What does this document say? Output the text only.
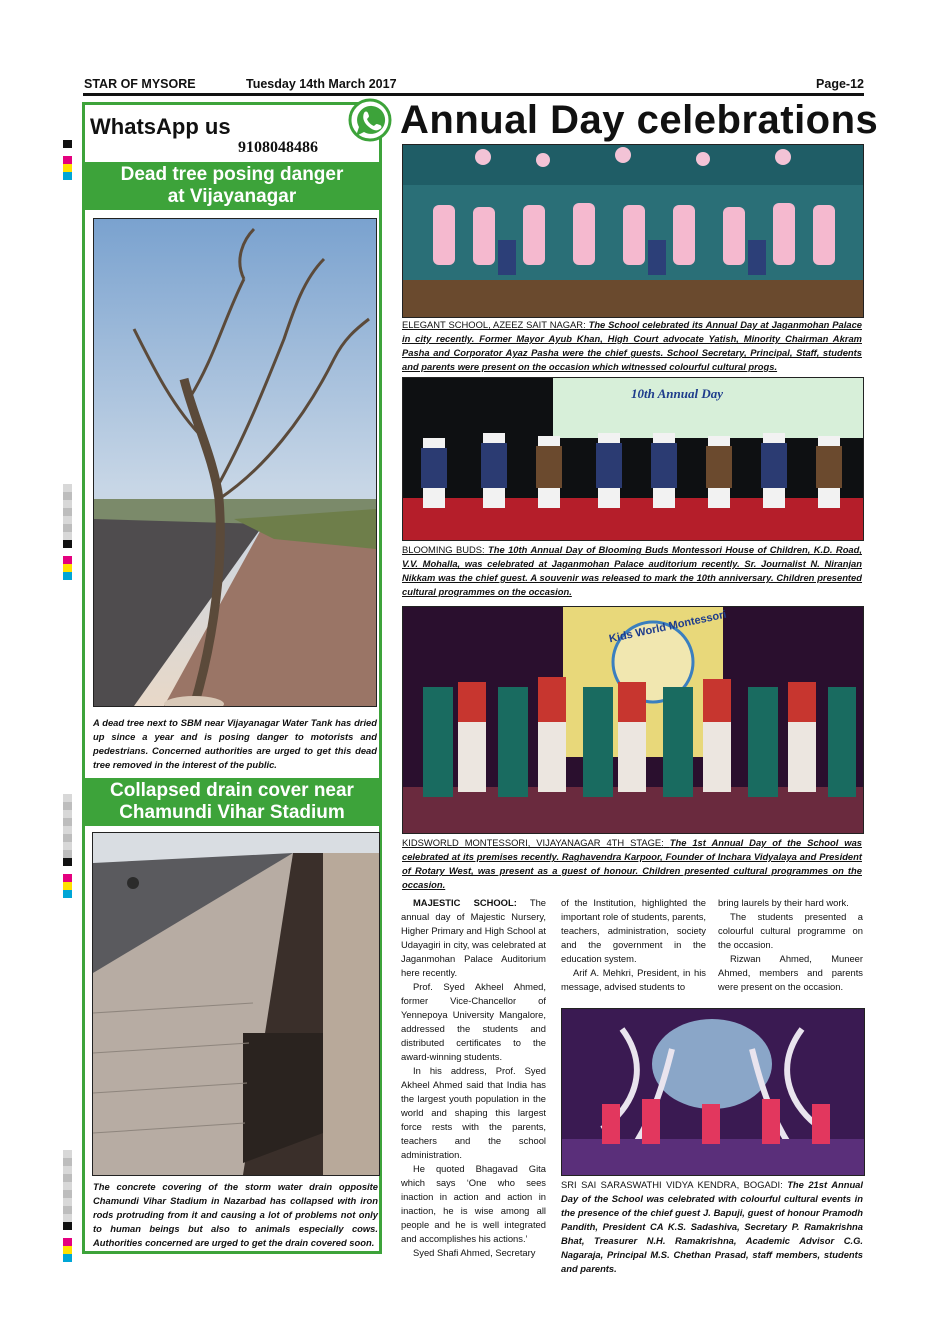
STAR OF MYSORE	Tuesday 14th March 2017	Page-12
Annual Day celebrations
WhatsApp us
9108048486
Dead tree posing danger
at Vijayanagar
A dead tree next to SBM near Vijayanagar Water Tank has dried up since a year and is posing danger to motorists and pedestrians. Concerned authorities are urged to get this dead tree removed in the interest of the public.
Collapsed drain cover near
Chamundi Vihar Stadium
The concrete covering of the storm water drain opposite Chamundi Vihar Stadium in Nazarbad has collapsed with iron rods protruding from it and causing a lot of problems not only to human beings but also to animals especially cows. Authorities concerned are urged to get the drain covered soon.
ELEGANT SCHOOL, AZEEZ SAIT NAGAR: The School celebrated its Annual Day at Jaganmohan Palace in city recently. Former Mayor Ayub Khan, High Court advocate Yatish, Minority Chairman Akram Pasha and Corporator Ayaz Pasha were the chief guests. School Secretary, Principal, Staff, students and parents were present on the occasion which witnessed colourful cultural progs.
10th Annual Day
BLOOMING BUDS: The 10th Annual Day of Blooming Buds Montessori House of Children, K.D. Road, V.V. Mohalla, was celebrated at Jaganmohan Palace auditorium recently. Sr. Journalist N. Niranjan Nikkam was the chief guest. A souvenir was released to mark the 10th anniversary. Children presented cultural programmes on the occasion.
Kids World Montessori
KIDSWORLD MONTESSORI, VIJAYANAGAR 4TH STAGE: The 1st Annual Day of the School was celebrated at its premises recently. Raghavendra Karpoor, Founder of Inchara Vidyalaya and President of Rotary West, was present as a guest of honour. Children presented cultural programmes on the occasion.

MAJESTIC SCHOOL: The annual day of Majestic Nursery, Higher Primary and High School at Udayagiri in city, was celebrated at Jaganmohan Palace Auditorium here recently.

Prof. Syed Akheel Ahmed, former Vice-Chancellor of Yennepoya University Mangalore, addressed the students and distributed certificates to the award-winning students.

In his address, Prof. Syed Akheel Ahmed said that India has the largest youth population in the world and shaping this largest force rests with the parents, teachers and the school administration.

He quoted Bhagavad Gita which says ‘One who sees inaction in action and action in inaction, he is wise among all people and he is well integrated and accomplishes his actions.’

Syed Shafi Ahmed, Secretary

of the Institution, highlighted the important role of students, parents, teachers, administration, society and the government in the education system.

Arif A. Mehkri, President, in his message, advised students to

bring laurels by their hard work.

The students presented a colourful cultural programme on the occasion.

Rizwan Ahmed, Muneer Ahmed, members and parents were present on the occasion.

SRI SAI SARASWATHI VIDYA KENDRA, BOGADI: The 21st Annual Day of the School was celebrated with colourful cultural events in the presence of the chief guest J. Bapuji, guest of honour Pramodh Pandith, President CA K.S. Sadashiva, Secretary P. Ramakrishna Bhat, Treasurer N.H. Ramakrishna, Academic Advisor C.G. Nagaraja, Principal M.S. Chethan Prasad, staff members, students and parents.
